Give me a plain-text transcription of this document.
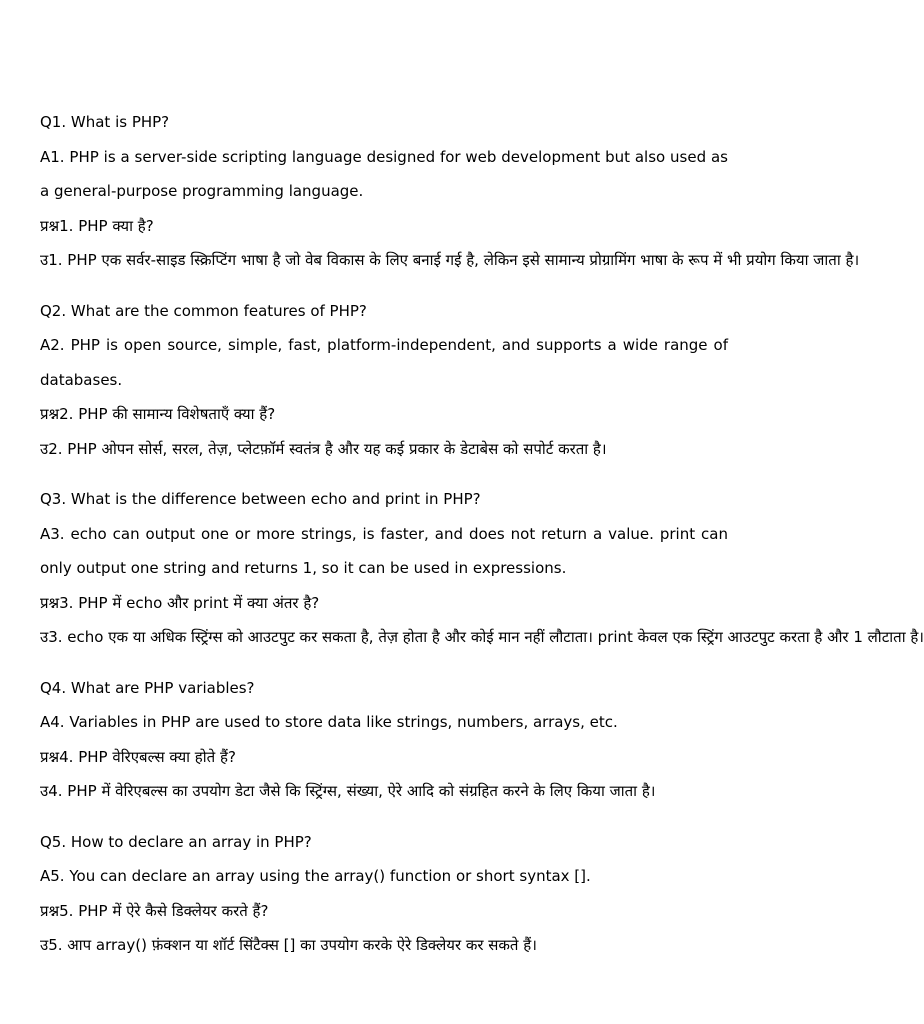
Q1. What is PHP?
A1. PHP is a server-side scripting language designed for web development but also used as a general-purpose programming language.
प्रश्न1. PHP क्या है?
उ1. PHP एक सर्वर-साइड स्क्रिप्टिंग भाषा है जो वेब विकास के लिए बनाई गई है, लेकिन इसे सामान्य प्रोग्रामिंग भाषा के रूप में भी प्रयोग किया जाता है।
Q2. What are the common features of PHP?
A2. PHP is open source, simple, fast, platform-independent, and supports a wide range of databases.
प्रश्न2. PHP की सामान्य विशेषताएँ क्या हैं?
उ2. PHP ओपन सोर्स, सरल, तेज़, प्लेटफ़ॉर्म स्वतंत्र है और यह कई प्रकार के डेटाबेस को सपोर्ट करता है।
Q3. What is the difference between echo and print in PHP?
A3. echo can output one or more strings, is faster, and does not return a value. print can only output one string and returns 1, so it can be used in expressions.
प्रश्न3. PHP में echo और print में क्या अंतर है?
उ3. echo एक या अधिक स्ट्रिंग्स को आउटपुट कर सकता है, तेज़ होता है और कोई मान नहीं लौटाता। print केवल एक स्ट्रिंग आउटपुट करता है और 1 लौटाता है।
Q4. What are PHP variables?
A4. Variables in PHP are used to store data like strings, numbers, arrays, etc.
प्रश्न4. PHP वेरिएबल्स क्या होते हैं?
उ4. PHP में वेरिएबल्स का उपयोग डेटा जैसे कि स्ट्रिंग्स, संख्या, ऐरे आदि को संग्रहित करने के लिए किया जाता है।
Q5. How to declare an array in PHP?
A5. You can declare an array using the array() function or short syntax [].
प्रश्न5. PHP में ऐरे कैसे डिक्लेयर करते हैं?
उ5. आप array() फ़ंक्शन या शॉर्ट सिंटैक्स [] का उपयोग करके ऐरे डिक्लेयर कर सकते हैं।
